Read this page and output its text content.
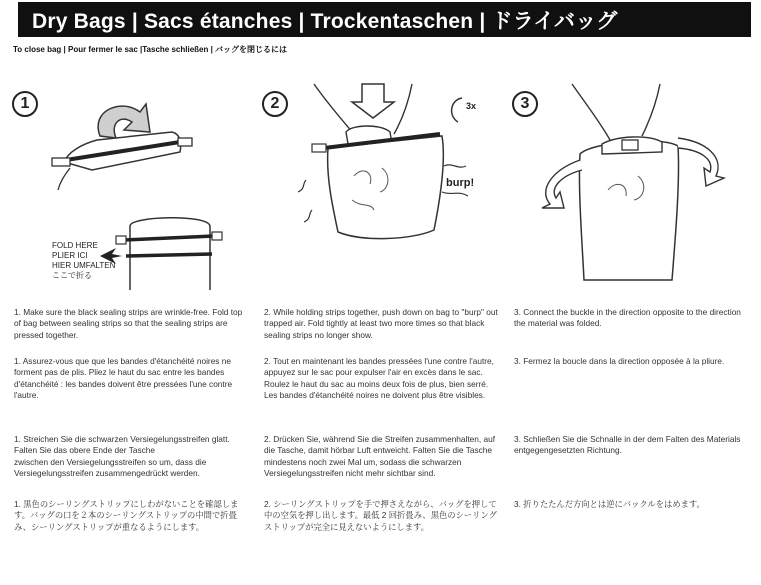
Dry Bags | Sacs étanches | Trockentaschen | ドライバッグ
To close bag | Pour fermer le sac |Tasche schließen | バッグを閉じるには
1	2	3
FOLD HERE
PLIER ICI
HIER UMFALTEN
ここで折る
3x
burp!

1. Make sure the black sealing strips are wrinkle-free. Fold top of bag between sealing strips so that the sealing strips are pressed together.

1. Assurez-vous que que les bandes d'étanchéité noires ne forment pas de plis. Pliez le haut du sac entre les bandes d'étanchéité : les bandes doivent être pressées l'une contre l'autre.

1. Streichen Sie die schwarzen Versiegelungsstreifen glatt. Falten Sie das obere Ende der Tasche
zwischen den Versiegelungsstreifen so um, dass die Versiegelungsstreifen zusammengedrückt werden.

1. 黒色のシーリングストリップにしわがないことを確認します。バッグの口を２本のシーリングストリップの中間で折畳み、シーリングストリップが重なるようにします。

2. While holding strips together, push down on bag to "burp" out trapped air. Fold tightly at least two more times so that black sealing strips no longer show.

2. Tout en maintenant les bandes pressées l'une contre l'autre, appuyez sur le sac pour expulser l'air en excès dans le sac. Roulez le haut du sac au moins deux fois de plus, bien serré. Les bandes d'étanchéité noires ne doivent plus être visibles.

2. Drücken Sie, während Sie die Streifen zusammenhalten, auf die Tasche, damit hörbar Luft entweicht. Falten Sie die Tasche mindestens noch zwei Mal um, sodass die schwarzen Versiegelungsstreifen nicht mehr sichtbar sind.

2. シーリングストリップを手で押さえながら、バッグを押して中の空気を押し出します。最低 2 回折畳み、黒色のシーリングストリップが完全に見えないようにします。

3. Connect the buckle in the direction opposite to the direction the material was folded.

3. Fermez la boucle dans la direction opposée à la pliure.

3. Schließen Sie die Schnalle in der dem Falten des Materials entgegengesetzten Richtung.

3. 折りたたんだ方向とは逆にバックルをはめます。
